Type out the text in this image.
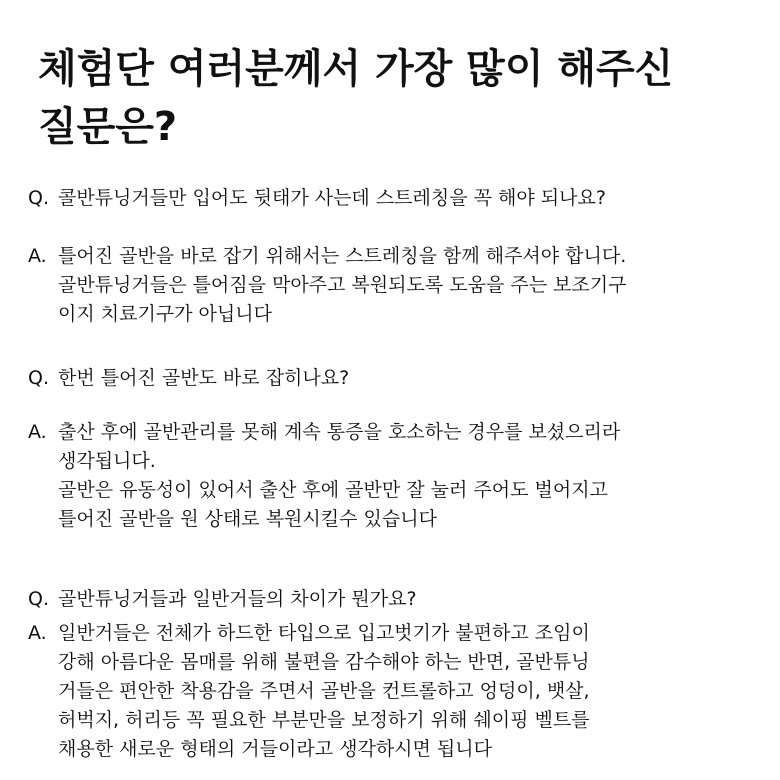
체험단 여러분께서 가장 많이 해주신
질문은?
Q. 콜반튜닝거들만 입어도 뒷태가 사는데 스트레칭을 꼭 해야 되나요?
A. 틀어진 골반을 바로 잡기 위해서는 스트레칭을 함께 해주셔야 합니다.
골반튜닝거들은 틀어짐을 막아주고 복원되도록 도움을 주는 보조기구
이지 치료기구가 아닙니다
Q. 한번 틀어진 골반도 바로 잡히나요?
A. 출산 후에 골반관리를 못해 계속 통증을 호소하는 경우를 보셨으리라
생각됩니다.
골반은 유동성이 있어서 출산 후에 골반만 잘 눌러 주어도 벌어지고
틀어진 골반을 원 상태로 복원시킬수 있습니다
Q. 골반튜닝거들과 일반거들의 차이가 뭔가요?
A. 일반거들은 전체가 하드한 타입으로 입고벗기가 불편하고 조임이
강해 아름다운 몸매를 위해 불편을 감수해야 하는 반면, 골반튜닝
거들은 편안한 착용감을 주면서 골반을 컨트롤하고 엉덩이, 뱃살,
허벅지, 허리등 꼭 필요한 부분만을 보정하기 위해 쉐이핑 벨트를
채용한 새로운 형태의 거들이라고 생각하시면 됩니다
